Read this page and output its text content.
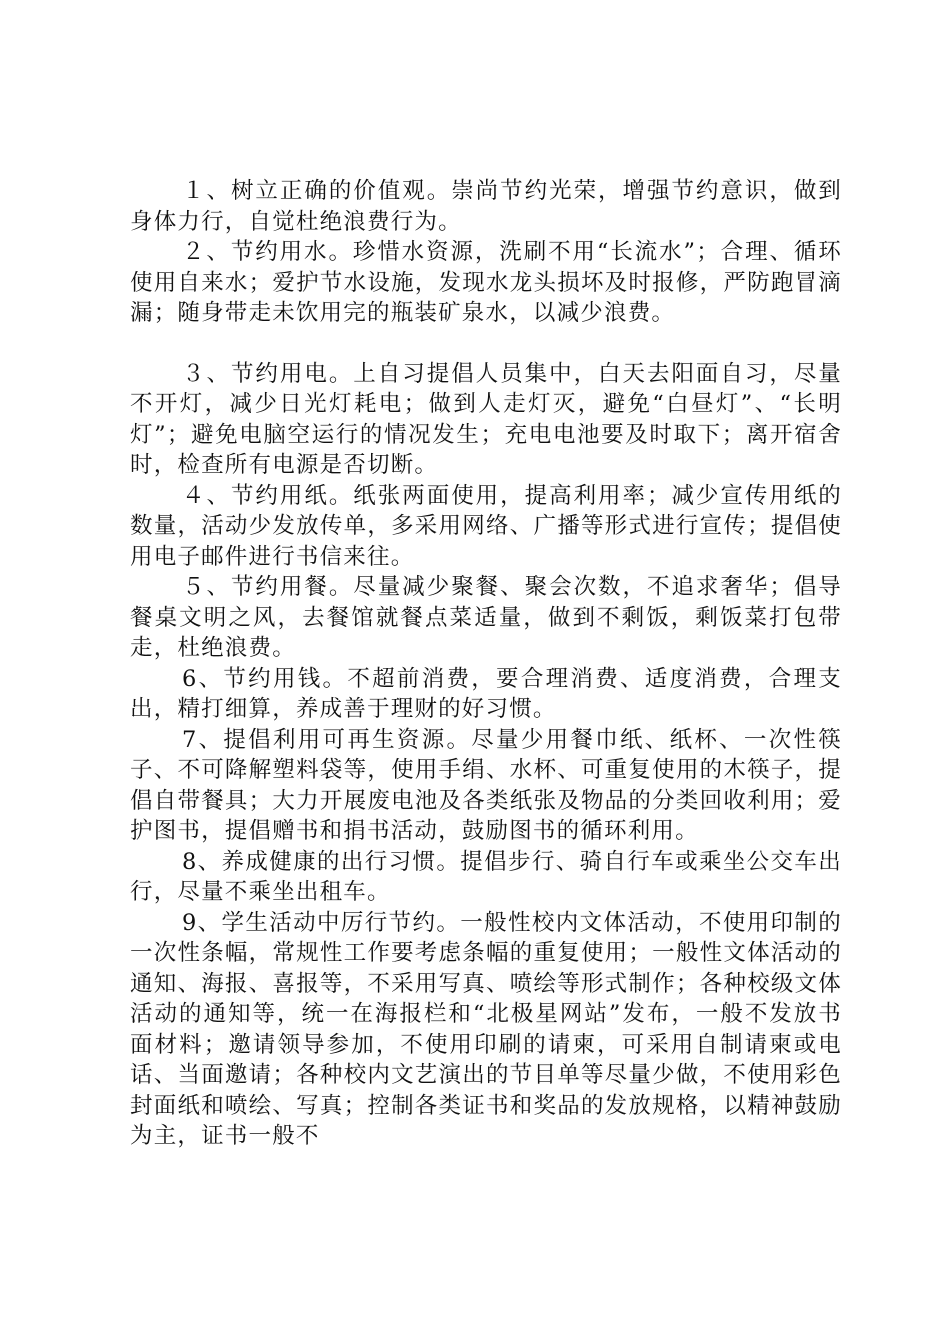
１、树立正确的价值观。崇尚节约光荣，增强节约意识，做到身体力行，自觉杜绝浪费行为。

２、节约用水。珍惜水资源，洗刷不用“长流水”；合理、循环使用自来水；爱护节水设施，发现水龙头损坏及时报修，严防跑冒滴漏；随身带走未饮用完的瓶装矿泉水，以减少浪费。

３、节约用电。上自习提倡人员集中，白天去阳面自习，尽量不开灯，减少日光灯耗电；做到人走灯灭，避免“白昼灯”、“长明灯”；避免电脑空运行的情况发生；充电电池要及时取下；离开宿舍时，检查所有电源是否切断。

４、节约用纸。纸张两面使用，提高利用率；减少宣传用纸的数量，活动少发放传单，多采用网络、广播等形式进行宣传；提倡使用电子邮件进行书信来往。

５、节约用餐。尽量减少聚餐、聚会次数，不追求奢华；倡导餐桌文明之风，去餐馆就餐点菜适量，做到不剩饭，剩饭菜打包带走，杜绝浪费。

6、节约用钱。不超前消费，要合理消费、适度消费，合理支出，精打细算，养成善于理财的好习惯。

7、提倡利用可再生资源。尽量少用餐巾纸、纸杯、一次性筷子、不可降解塑料袋等，使用手绢、水杯、可重复使用的木筷子，提倡自带餐具；大力开展废电池及各类纸张及物品的分类回收利用；爱护图书，提倡赠书和捐书活动，鼓励图书的循环利用。

8、养成健康的出行习惯。提倡步行、骑自行车或乘坐公交车出行，尽量不乘坐出租车。

9、学生活动中厉行节约。一般性校内文体活动，不使用印制的一次性条幅，常规性工作要考虑条幅的重复使用；一般性文体活动的通知、海报、喜报等，不采用写真、喷绘等形式制作；各种校级文体活动的通知等，统一在海报栏和“北极星网站”发布，一般不发放书面材料；邀请领导参加，不使用印刷的请柬，可采用自制请柬或电话、当面邀请；各种校内文艺演出的节目单等尽量少做，不使用彩色封面纸和喷绘、写真；控制各类证书和奖品的发放规格，以精神鼓励为主，证书一般不
